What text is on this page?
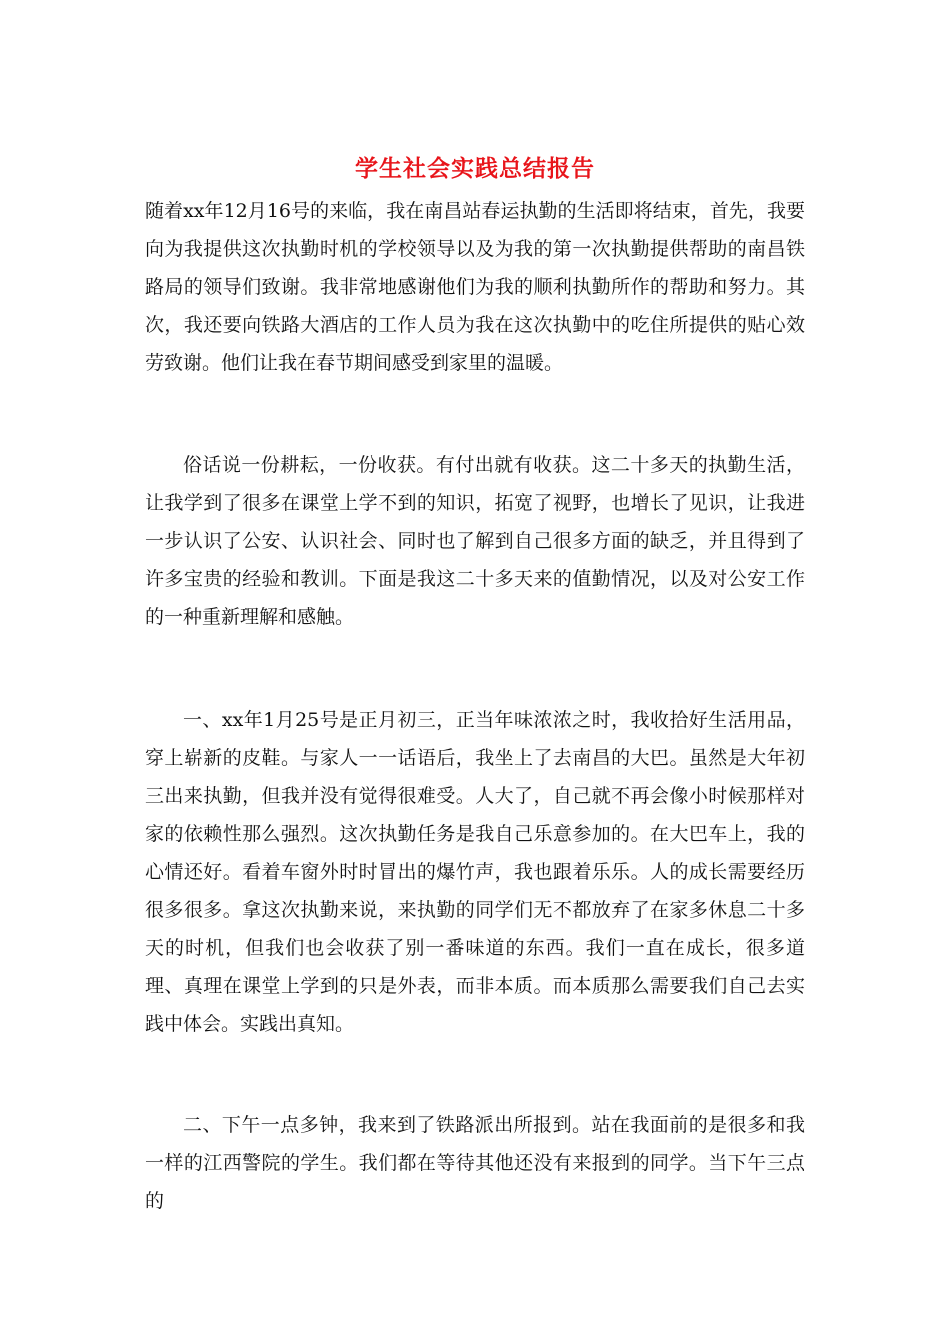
学生社会实践总结报告

随着xx年12月16号的来临，我在南昌站春运执勤的生活即将结束，首先，我要向为我提供这次执勤时机的学校领导以及为我的第一次执勤提供帮助的南昌铁路局的领导们致谢。我非常地感谢他们为我的顺利执勤所作的帮助和努力。其次，我还要向铁路大酒店的工作人员为我在这次执勤中的吃住所提供的贴心效劳致谢。他们让我在春节期间感受到家里的温暖。

俗话说一份耕耘，一份收获。有付出就有收获。这二十多天的执勤生活，让我学到了很多在课堂上学不到的知识，拓宽了视野，也增长了见识，让我进一步认识了公安、认识社会、同时也了解到自己很多方面的缺乏，并且得到了许多宝贵的经验和教训。下面是我这二十多天来的值勤情况，以及对公安工作的一种重新理解和感触。

一、xx年1月25号是正月初三，正当年味浓浓之时，我收拾好生活用品，穿上崭新的皮鞋。与家人一一话语后，我坐上了去南昌的大巴。虽然是大年初三出来执勤，但我并没有觉得很难受。人大了，自己就不再会像小时候那样对家的依赖性那么强烈。这次执勤任务是我自己乐意参加的。在大巴车上，我的心情还好。看着车窗外时时冒出的爆竹声，我也跟着乐乐。人的成长需要经历很多很多。拿这次执勤来说，来执勤的同学们无不都放弃了在家多休息二十多天的时机，但我们也会收获了别一番味道的东西。我们一直在成长，很多道理、真理在课堂上学到的只是外表，而非本质。而本质那么需要我们自己去实践中体会。实践出真知。

二、下午一点多钟，我来到了铁路派出所报到。站在我面前的是很多和我一样的江西警院的学生。我们都在等待其他还没有来报到的同学。当下午三点的
